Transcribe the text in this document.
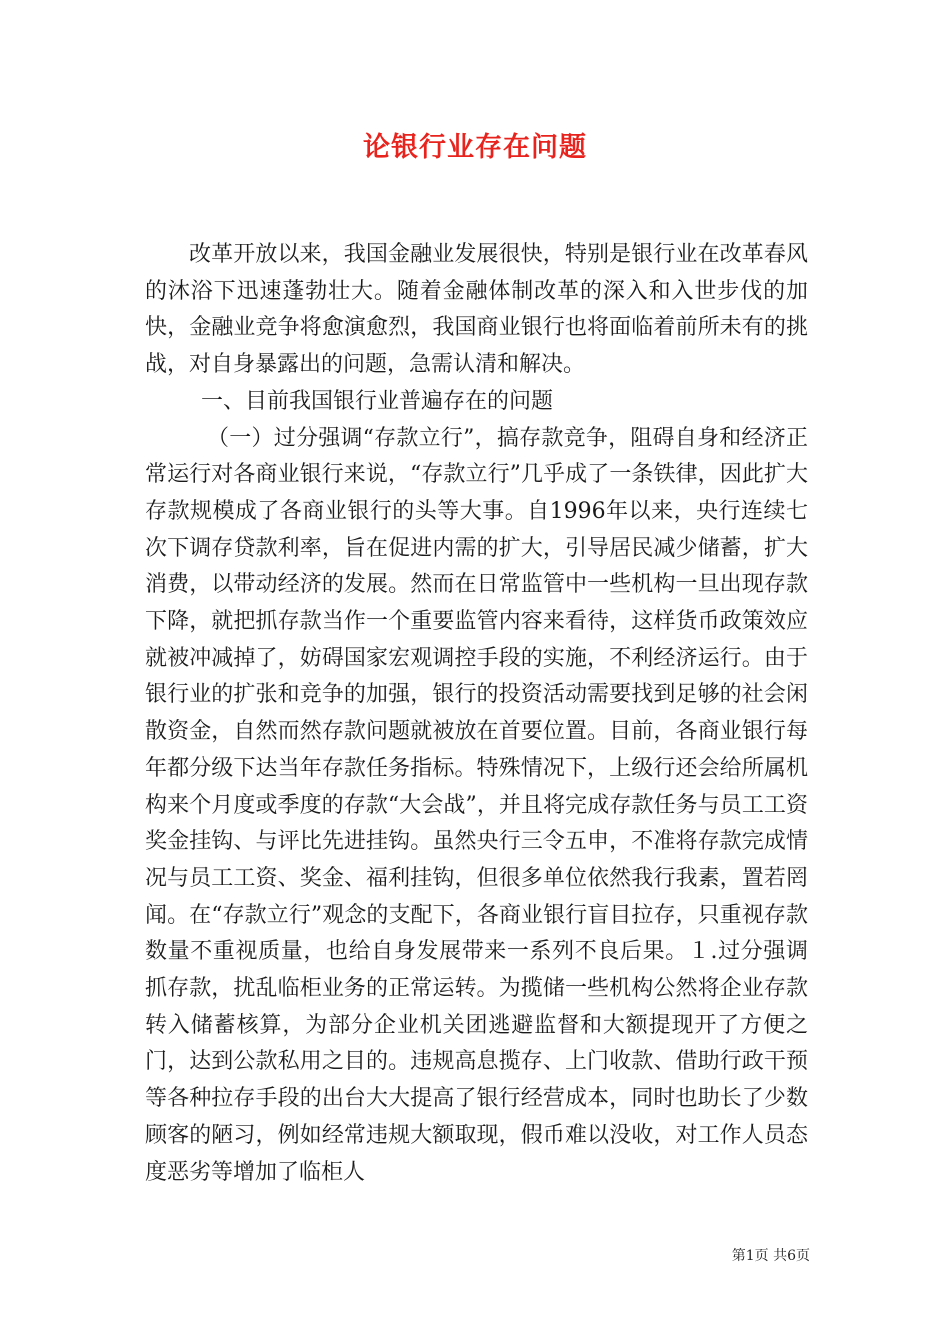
论银行业存在问题

改革开放以来，我国金融业发展很快，特别是银行业在改革春风的沐浴下迅速蓬勃壮大。随着金融体制改革的深入和入世步伐的加快，金融业竞争将愈演愈烈，我国商业银行也将面临着前所未有的挑战，对自身暴露出的问题，急需认清和解决。

一、目前我国银行业普遍存在的问题

（一）过分强调“存款立行”，搞存款竞争，阻碍自身和经济正常运行对各商业银行来说，“存款立行”几乎成了一条铁律，因此扩大存款规模成了各商业银行的头等大事。自1996年以来，央行连续七次下调存贷款利率，旨在促进内需的扩大，引导居民减少储蓄，扩大消费，以带动经济的发展。然而在日常监管中一些机构一旦出现存款下降，就把抓存款当作一个重要监管内容来看待，这样货币政策效应就被冲减掉了，妨碍国家宏观调控手段的实施，不利经济运行。由于银行业的扩张和竞争的加强，银行的投资活动需要找到足够的社会闲散资金，自然而然存款问题就被放在首要位置。目前，各商业银行每年都分级下达当年存款任务指标。特殊情况下，上级行还会给所属机构来个月度或季度的存款“大会战”，并且将完成存款任务与员工工资奖金挂钩、与评比先进挂钩。虽然央行三令五申，不准将存款完成情况与员工工资、奖金、福利挂钩，但很多单位依然我行我素，置若罔闻。在“存款立行”观念的支配下，各商业银行盲目拉存，只重视存款数量不重视质量，也给自身发展带来一系列不良后果。１.过分强调抓存款，扰乱临柜业务的正常运转。为揽储一些机构公然将企业存款转入储蓄核算，为部分企业机关团逃避监督和大额提现开了方便之门，达到公款私用之目的。违规高息揽存、上门收款、借助行政干预等各种拉存手段的出台大大提高了银行经营成本，同时也助长了少数顾客的陋习，例如经常违规大额取现，假币难以没收，对工作人员态度恶劣等增加了临柜人

第1页 共6页
